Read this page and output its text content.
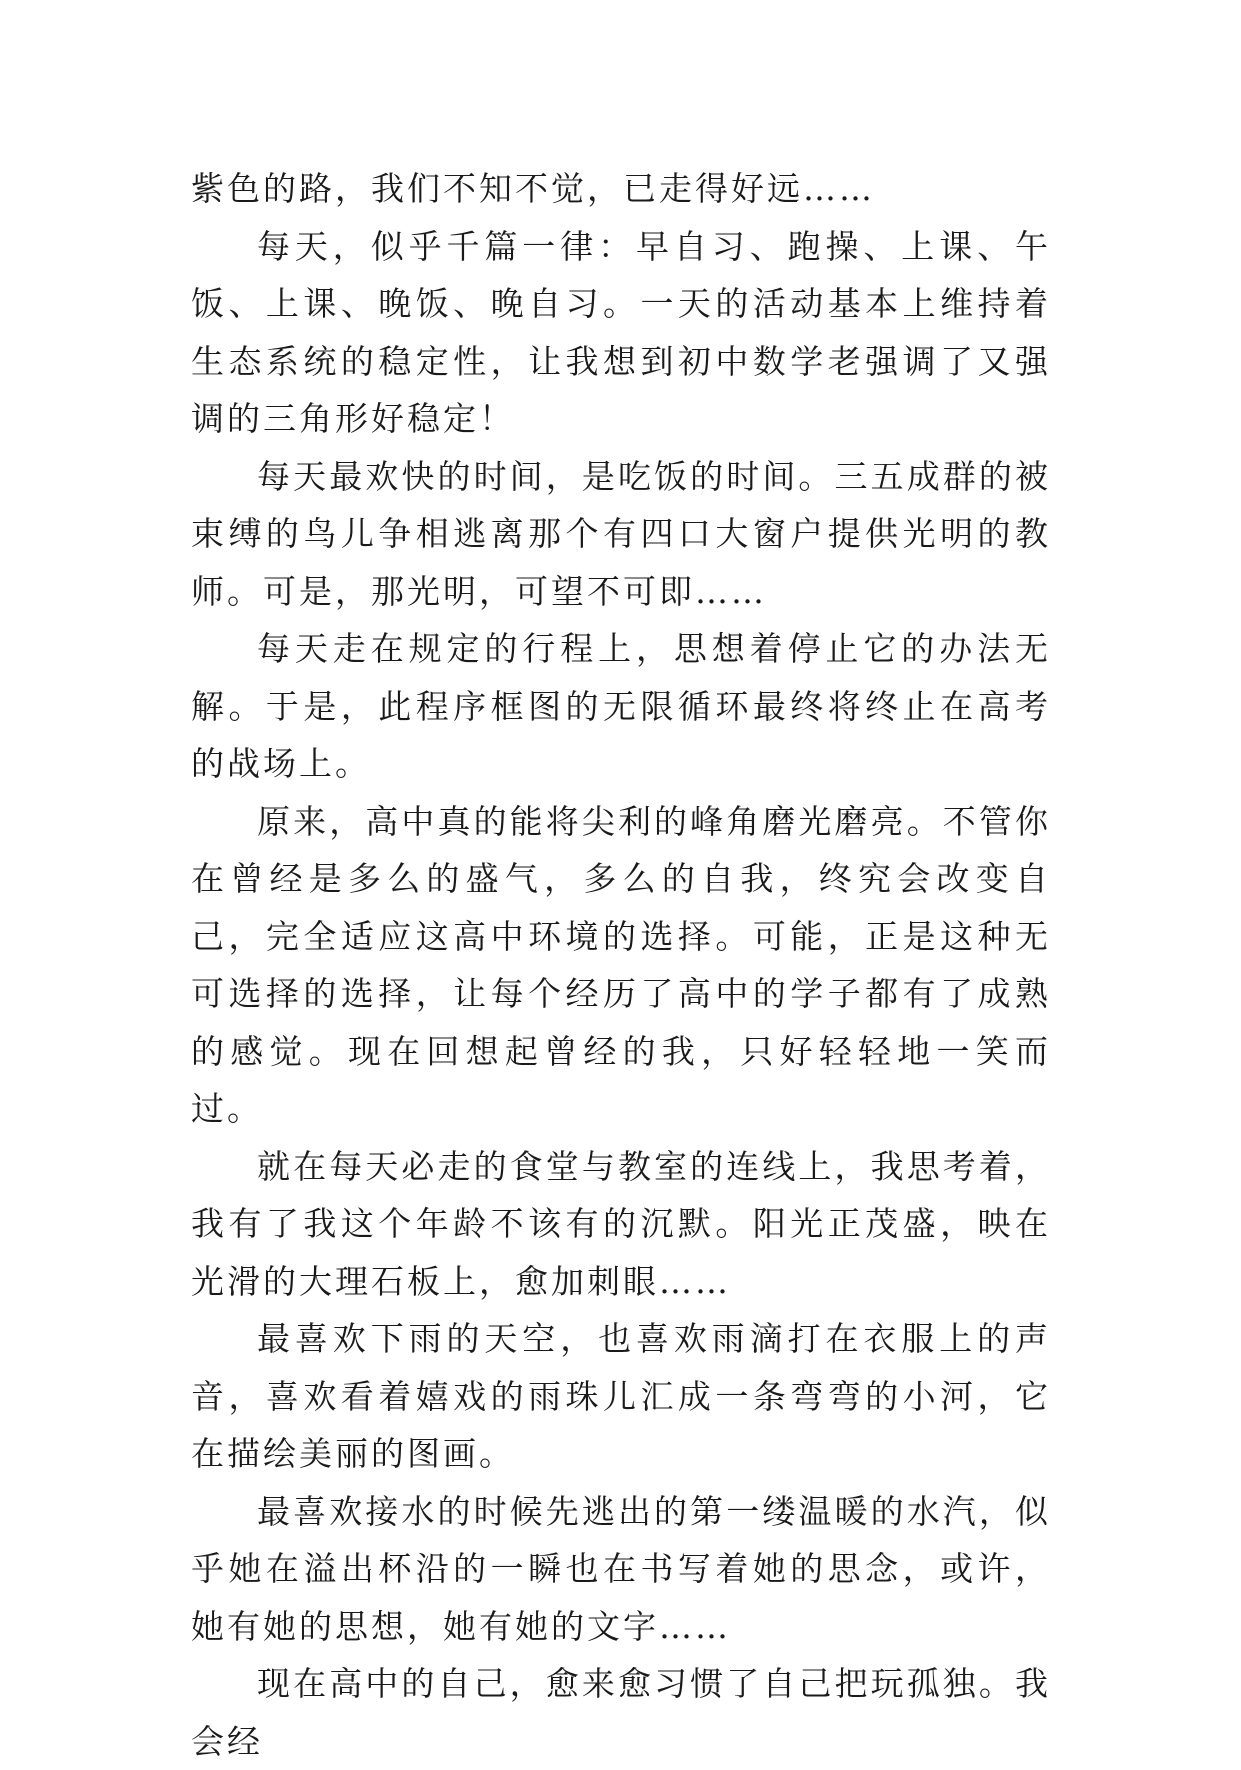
紫色的路，我们不知不觉，已走得好远……

每天，似乎千篇一律：早自习、跑操、上课、午饭、上课、晚饭、晚自习。一天的活动基本上维持着生态系统的稳定性，让我想到初中数学老强调了又强调的三角形好稳定！

每天最欢快的时间，是吃饭的时间。三五成群的被束缚的鸟儿争相逃离那个有四口大窗户提供光明的教师。可是，那光明，可望不可即……

每天走在规定的行程上，思想着停止它的办法无解。于是，此程序框图的无限循环最终将终止在高考的战场上。

原来，高中真的能将尖利的峰角磨光磨亮。不管你在曾经是多么的盛气，多么的自我，终究会改变自己，完全适应这高中环境的选择。可能，正是这种无可选择的选择，让每个经历了高中的学子都有了成熟的感觉。现在回想起曾经的我，只好轻轻地一笑而过。

就在每天必走的食堂与教室的连线上，我思考着，我有了我这个年龄不该有的沉默。阳光正茂盛，映在光滑的大理石板上，愈加刺眼……

最喜欢下雨的天空，也喜欢雨滴打在衣服上的声音，喜欢看着嬉戏的雨珠儿汇成一条弯弯的小河，它在描绘美丽的图画。

最喜欢接水的时候先逃出的第一缕温暖的水汽，似乎她在溢出杯沿的一瞬也在书写着她的思念，或许，她有她的思想，她有她的文字……

现在高中的自己，愈来愈习惯了自己把玩孤独。我会经
